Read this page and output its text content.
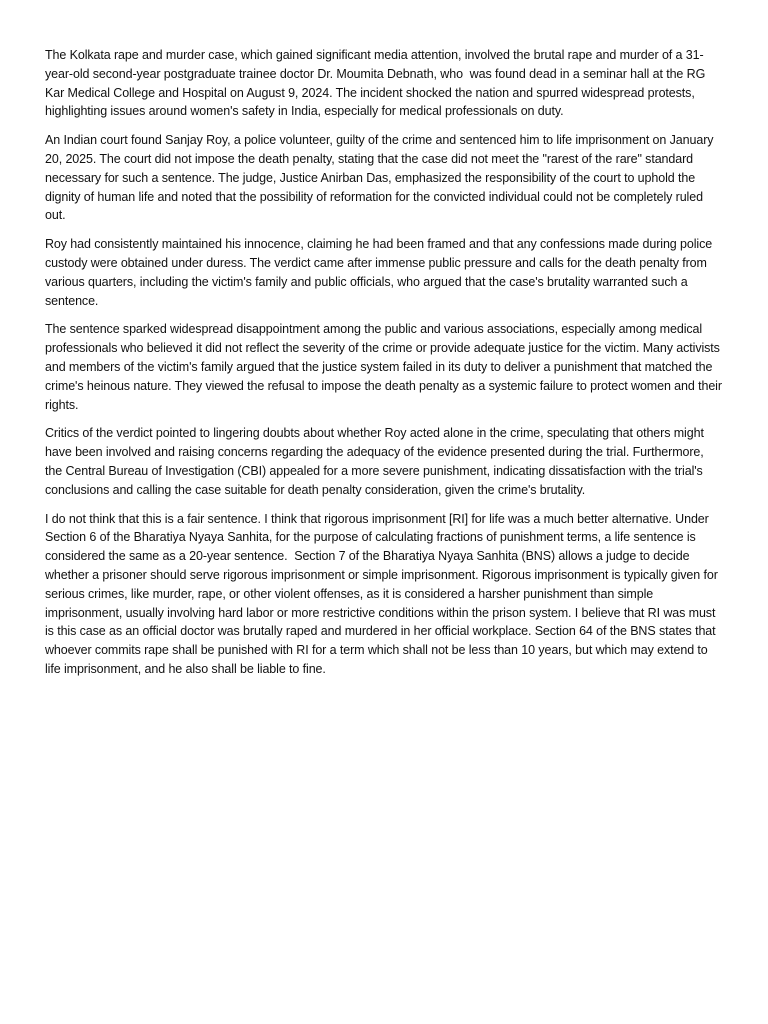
The Kolkata rape and murder case, which gained significant media attention, involved the brutal rape and murder of a 31-year-old second-year postgraduate trainee doctor Dr. Moumita Debnath, who  was found dead in a seminar hall at the RG Kar Medical College and Hospital on August 9, 2024. The incident shocked the nation and spurred widespread protests, highlighting issues around women's safety in India, especially for medical professionals on duty.

An Indian court found Sanjay Roy, a police volunteer, guilty of the crime and sentenced him to life imprisonment on January 20, 2025. The court did not impose the death penalty, stating that the case did not meet the "rarest of the rare" standard necessary for such a sentence. The judge, Justice Anirban Das, emphasized the responsibility of the court to uphold the dignity of human life and noted that the possibility of reformation for the convicted individual could not be completely ruled out.

Roy had consistently maintained his innocence, claiming he had been framed and that any confessions made during police custody were obtained under duress. The verdict came after immense public pressure and calls for the death penalty from various quarters, including the victim's family and public officials, who argued that the case's brutality warranted such a sentence.

The sentence sparked widespread disappointment among the public and various associations, especially among medical professionals who believed it did not reflect the severity of the crime or provide adequate justice for the victim. Many activists and members of the victim's family argued that the justice system failed in its duty to deliver a punishment that matched the crime's heinous nature. They viewed the refusal to impose the death penalty as a systemic failure to protect women and their rights.

Critics of the verdict pointed to lingering doubts about whether Roy acted alone in the crime, speculating that others might have been involved and raising concerns regarding the adequacy of the evidence presented during the trial. Furthermore, the Central Bureau of Investigation (CBI) appealed for a more severe punishment, indicating dissatisfaction with the trial's conclusions and calling the case suitable for death penalty consideration, given the crime's brutality.

I do not think that this is a fair sentence. I think that rigorous imprisonment [RI] for life was a much better alternative. Under Section 6 of the Bharatiya Nyaya Sanhita, for the purpose of calculating fractions of punishment terms, a life sentence is considered the same as a 20-year sentence.  Section 7 of the Bharatiya Nyaya Sanhita (BNS) allows a judge to decide whether a prisoner should serve rigorous imprisonment or simple imprisonment. Rigorous imprisonment is typically given for serious crimes, like murder, rape, or other violent offenses, as it is considered a harsher punishment than simple imprisonment, usually involving hard labor or more restrictive conditions within the prison system. I believe that RI was must is this case as an official doctor was brutally raped and murdered in her official workplace. Section 64 of the BNS states that whoever commits rape shall be punished with RI for a term which shall not be less than 10 years, but which may extend to life imprisonment, and he also shall be liable to fine.
